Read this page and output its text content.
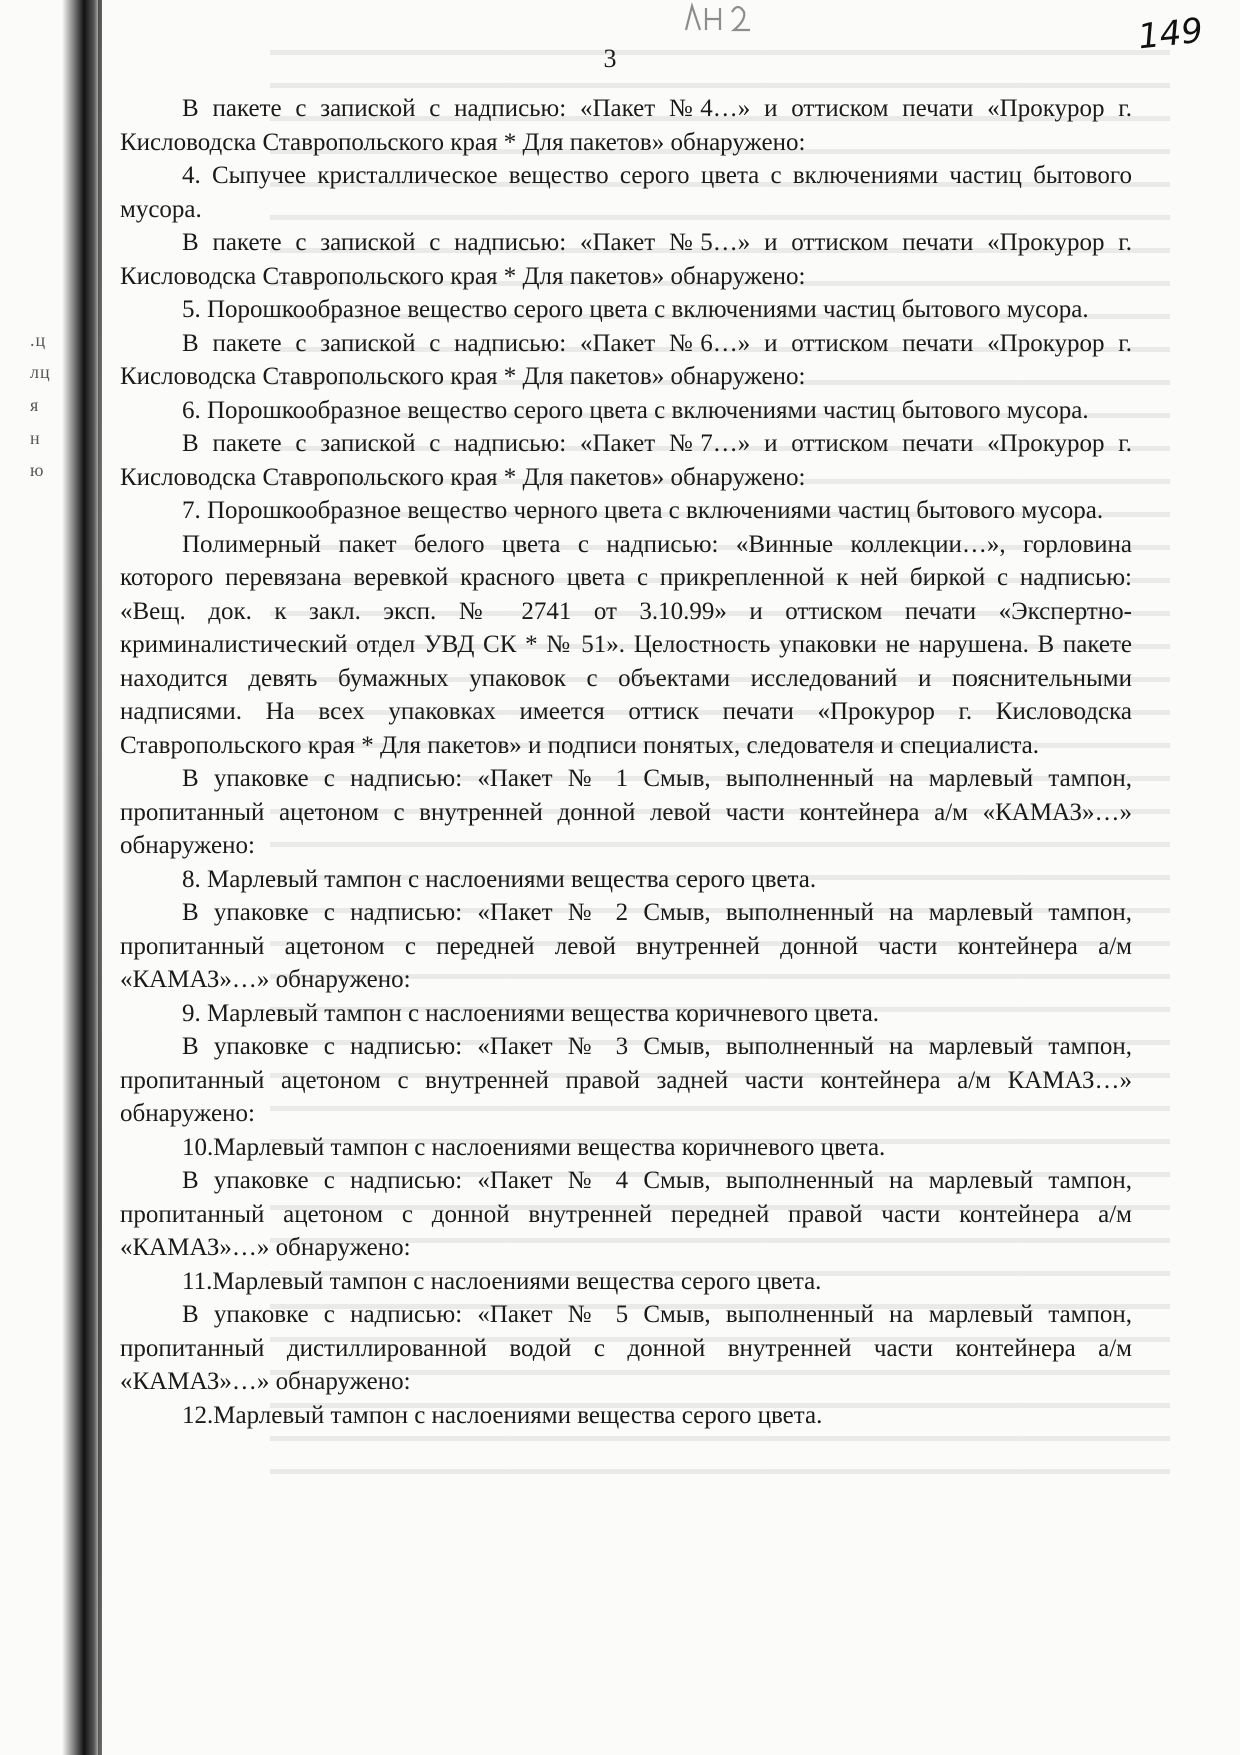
.ц
лц
я
н
ю
149
3

В пакете с запиской с надписью: «Пакет №4…» и оттиском печати «Прокурор г. Кисловодска Ставропольского края * Для пакетов» обнаружено:

4. Сыпучее кристаллическое вещество серого цвета с включениями частиц бытового мусора.

В пакете с запиской с надписью: «Пакет №5…» и оттиском печати «Прокурор г. Кисловодска Ставропольского края * Для пакетов» обнаружено:

5. Порошкообразное вещество серого цвета с включениями частиц бытового мусора.

В пакете с запиской с надписью: «Пакет №6…» и оттиском печати «Прокурор г. Кисловодска Ставропольского края * Для пакетов» обнаружено:

6. Порошкообразное вещество серого цвета с включениями частиц бытового мусора.

В пакете с запиской с надписью: «Пакет №7…» и оттиском печати «Прокурор г. Кисловодска Ставропольского края * Для пакетов» обнаружено:

7. Порошкообразное вещество черного цвета с включениями частиц бытового мусора.

Полимерный пакет белого цвета с надписью: «Винные коллекции…», горловина которого перевязана веревкой красного цвета с прикрепленной к ней биркой с надписью: «Вещ. док. к закл. эксп. № 2741 от 3.10.99» и оттиском печати «Экспертно-криминалистический отдел УВД СК * № 51». Целостность упаковки не нарушена. В пакете находится девять бумажных упаковок с объектами исследований и пояснительными надписями. На всех упаковках имеется оттиск печати «Прокурор г. Кисловодска Ставропольского края * Для пакетов» и подписи понятых, следователя и специалиста.

В упаковке с надписью: «Пакет № 1 Смыв, выполненный на марлевый тампон, пропитанный ацетоном с внутренней донной левой части контейнера а/м «КАМАЗ»…» обнаружено:

8. Марлевый тампон с наслоениями вещества серого цвета.

В упаковке с надписью: «Пакет № 2 Смыв, выполненный на марлевый тампон, пропитанный ацетоном с передней левой внутренней донной части контейнера а/м «КАМАЗ»…» обнаружено:

9. Марлевый тампон с наслоениями вещества коричневого цвета.

В упаковке с надписью: «Пакет № 3 Смыв, выполненный на марлевый тампон, пропитанный ацетоном с внутренней правой задней части контейнера а/м КАМАЗ…» обнаружено:

10.Марлевый тампон с наслоениями вещества коричневого цвета.

В упаковке с надписью: «Пакет № 4 Смыв, выполненный на марлевый тампон, пропитанный ацетоном с донной внутренней передней правой части контейнера а/м «КАМАЗ»…» обнаружено:

11.Марлевый тампон с наслоениями вещества серого цвета.

В упаковке с надписью: «Пакет № 5 Смыв, выполненный на марлевый тампон, пропитанный дистиллированной водой с донной внутренней части контейнера а/м «КАМАЗ»…» обнаружено:

12.Марлевый тампон с наслоениями вещества серого цвета.
